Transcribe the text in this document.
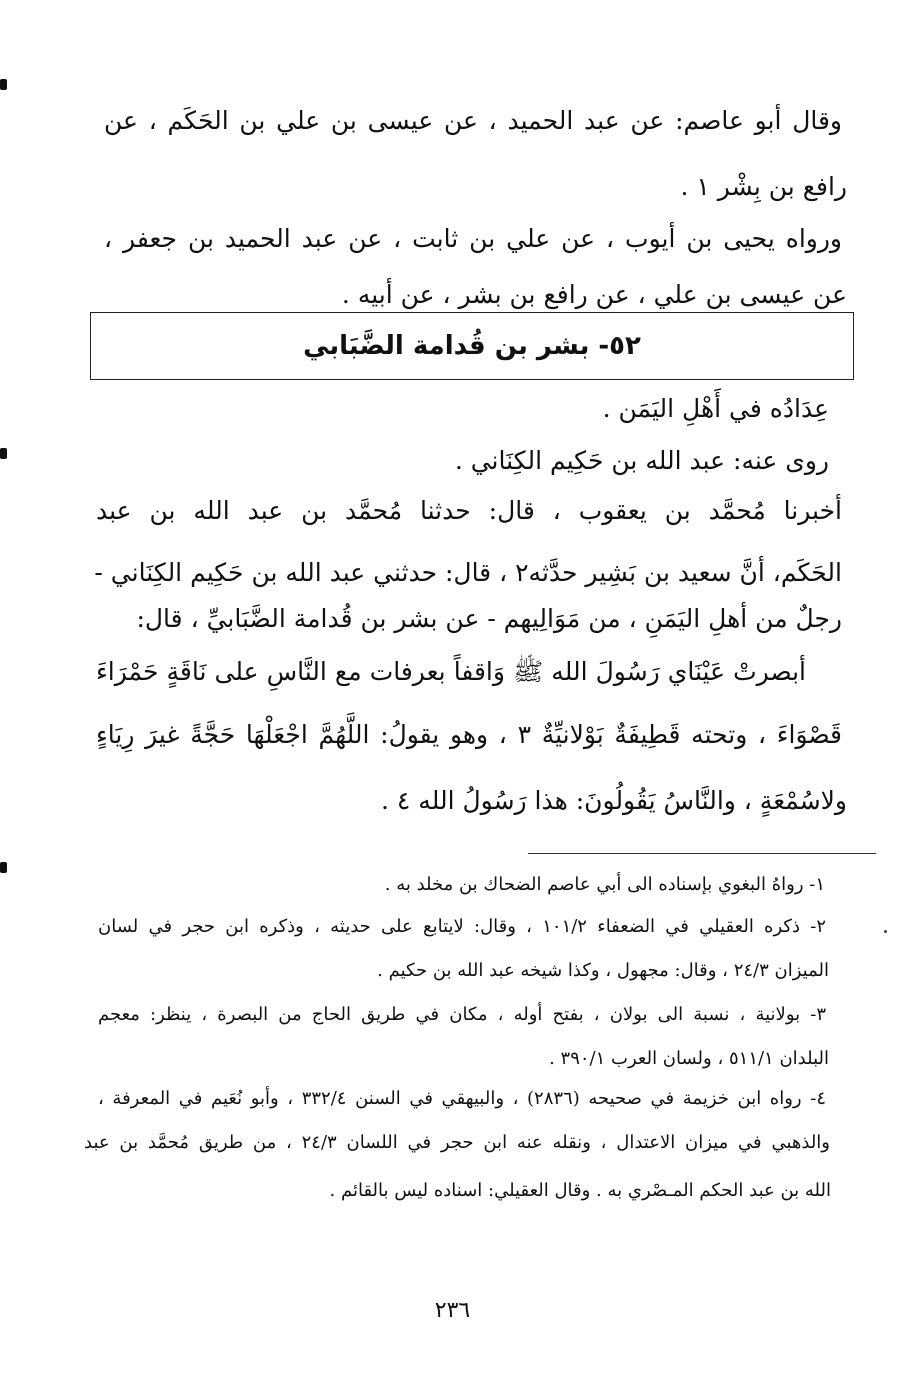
وقال أبو عاصم: عن عبد الحميد ، عن عيسى بن علي بن الحَكَم ، عن
رافع بن بِشْر ١ .
ورواه يحيى بن أيوب ، عن علي بن ثابت ، عن عبد الحميد بن جعفر ،
عن عيسى بن علي ، عن رافع بن بشر ، عن أبيه .
٥٢- بشر بن قُدامة الضَّبَابي
عِدَادُه في أَهْلِ اليَمَن .
روى عنه: عبد الله بن حَكِيم الكِنَاني .
أخبرنا مُحمَّد بن يعقوب ، قال: حدثنا مُحمَّد بن عبد الله بن عبد
الحَكَم، أنَّ سعيد بن بَشِير حدَّثه٢ ، قال: حدثني عبد الله بن حَكِيم الكِنَاني -
رجلٌ من أهلِ اليَمَنِ ، من مَوَالِيهم - عن بشر بن قُدامة الضَّبَابيِّ ، قال:
أبصرتْ عَيْنَاي رَسُولَ الله ﷺ وَاقفاً بعرفات مع النَّاسِ على نَاقَةٍ حَمْرَاءَ
قَصْوَاءَ ، وتحته قَطِيفَةٌ بَوْلانيِّةٌ ٣ ، وهو يقولُ: اللَّهُمَّ اجْعَلْهَا حَجَّةً غيرَ رِيَاءٍ
ولاسُمْعَةٍ ، والنَّاسُ يَقُولُونَ: هذا رَسُولُ الله ٤ .
١- رواهُ البغوي بإسناده الى أبي عاصم الضحاك بن مخلد به .
٢- ذكره العقيلي في الضعفاء ١٠١/٢ ، وقال: لايتابع على حديثه ، وذكره ابن حجر في لسان
الميزان ٢٤/٣ ، وقال: مجهول ، وكذا شيخه عبد الله بن حكيم .
٣- بولانية ، نسبة الى بولان ، بفتح أوله ، مكان في طريق الحاج من البصرة ، ينظر: معجم
البلدان ٥١١/١ ، ولسان العرب ٣٩٠/١ .
٤- رواه ابن خزيمة في صحيحه (٢٨٣٦) ، والبيهقي في السنن ٣٣٢/٤ ، وأبو نُعَيم في المعرفة ،
والذهبي في ميزان الاعتدال ، ونقله عنه ابن حجر في اللسان ٢٤/٣ ، من طريق مُحمَّد بن عبد
الله بن عبد الحكم المـصْري به . وقال العقيلي: اسناده ليس بالقائم .
٢٣٦
